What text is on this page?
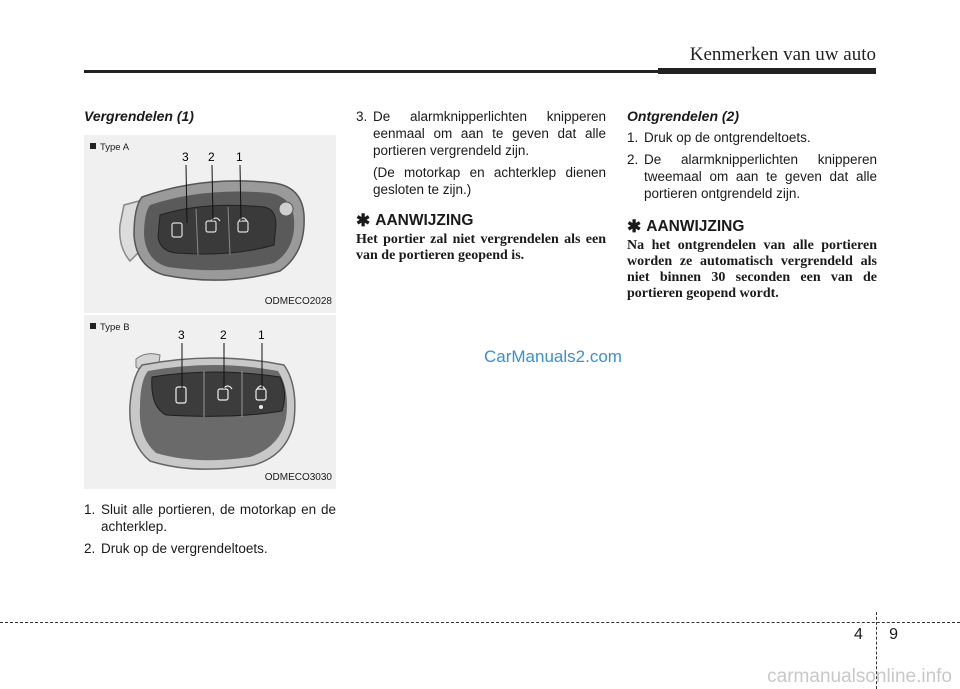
Kenmerken van uw auto

Vergrendelen (1)

3 2 1
Type A
ODMECO2028
3	2	1
Type B
ODMECO3030
1. Sluit alle portieren, de motorkap en de achterklep.
2. Druk op de vergrendeltoets.
3. De alarmknipperlichten knipperen eenmaal om aan te geven dat alle portieren vergrendeld zijn.

(De motorkap en achterklep dienen gesloten te zijn.)

✱ AANWIJZING

Het portier zal niet vergrendelen als een van de portieren geopend is.

Ontgrendelen (2)

1. Druk op de ontgrendeltoets.
2. De alarmknipperlichten knipperen tweemaal om aan te geven dat alle portieren ontgrendeld zijn.
✱ AANWIJZING

Na het ontgrendelen van alle portieren worden ze automatisch vergrendeld als niet binnen 30 seconden een van de portieren geopend wordt.

CarManuals2.com
4 9
carmanualsonline.info
